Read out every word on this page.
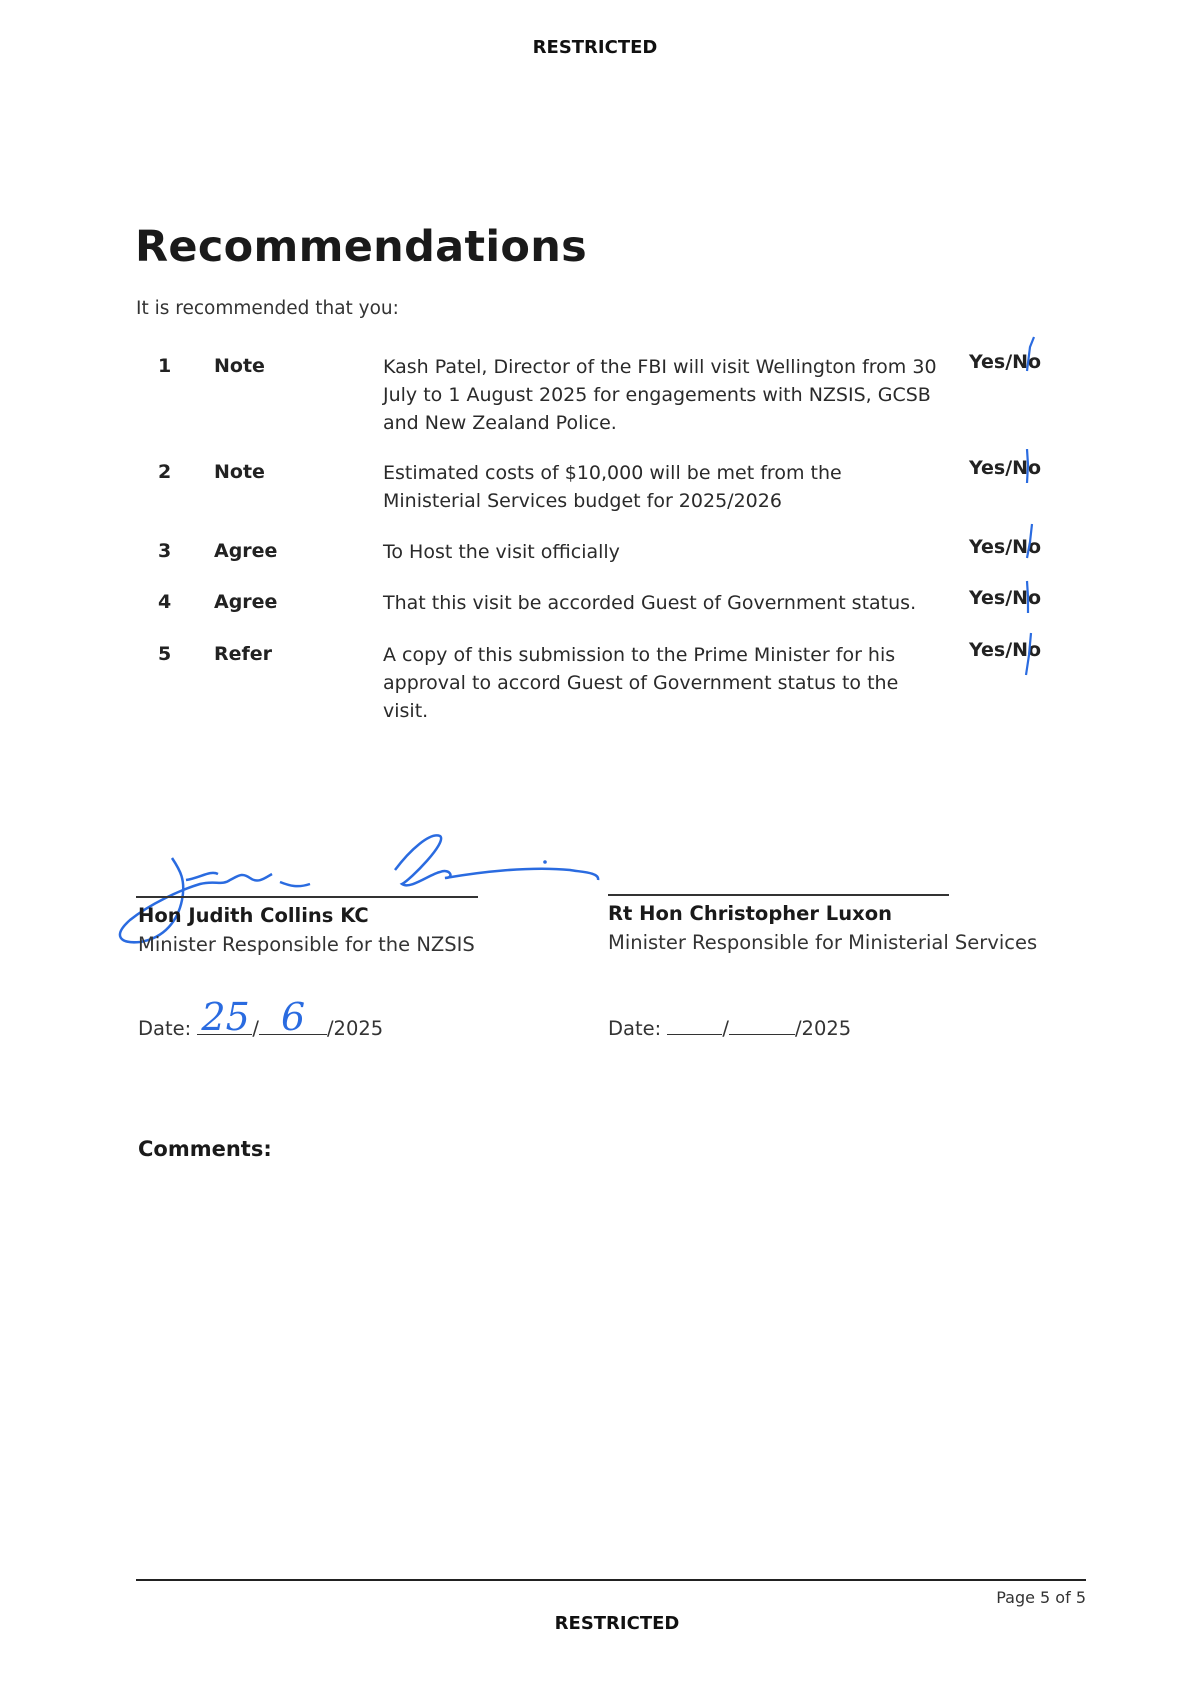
RESTRICTED
Recommendations
It is recommended that you:
1 Note	Kash Patel, Director of the FBI will visit Wellington from 30 July to 1 August 2025 for engagements with NZSIS, GCSB and New Zealand Police.
Yes/No
2 Note	Estimated costs of $10,000 will be met from the Ministerial Services budget for 2025/2026
Yes/No
3 Agree	To Host the visit officially	Yes/No
4 Agree	That this visit be accorded Guest of Government status.	Yes/No
5 Refer	A copy of this submission to the Prime Minister for his approval to accord Guest of Government status to the visit.
Yes/No
Hon Judith Collins KC
Minister Responsible for the NZSIS
Date: 25 / 6 /2025
Rt Hon Christopher Luxon
Minister Responsible for Ministerial Services
Date:	/	/2025
Comments:
Page 5 of 5
RESTRICTED
